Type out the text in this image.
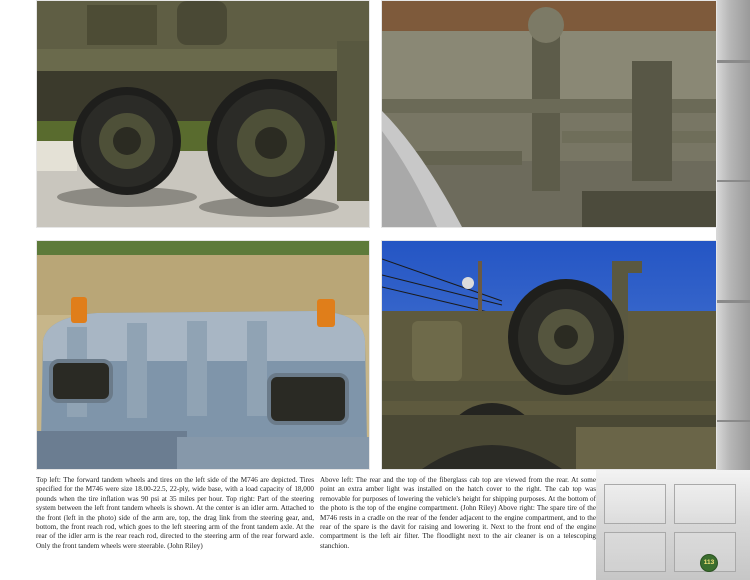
Top left: The forward tandem wheels and tires on the left side of the M746 are depicted. Tires specified for the M746 were size 18.00-22.5, 22-ply, wide base, with a load capacity of 18,000 pounds when the tire inflation was 90 psi at 35 miles per hour. Top right: Part of the steering system between the left front tandem wheels is shown. At the center is an idler arm. Attached to the front (left in the photo) side of the arm are, top, the drag link from the steering gear, and, bottom, the front reach rod, which goes to the left steering arm of the front tandem axle. At the rear of the idler arm is the rear reach rod, directed to the steering arm of the rear forward axle. Only the front tandem wheels were steerable. (John Riley)

Above left: The rear and the top of the fiberglass cab top are viewed from the rear. At some point an extra amber light was installed on the hatch cover to the right. The cab top was removable for purposes of lowering the vehicle's height for shipping purposes. At the bottom of the photo is the top of the engine compartment. (John Riley) Above right: The spare tire of the M746 rests in a cradle on the rear of the fender adjacent to the engine compartment, and to the rear of the spare is the davit for raising and lowering it. Next to the front end of the engine compartment is the left air filter. The floodlight next to the air cleaner is on a telescoping stanchion.

113
